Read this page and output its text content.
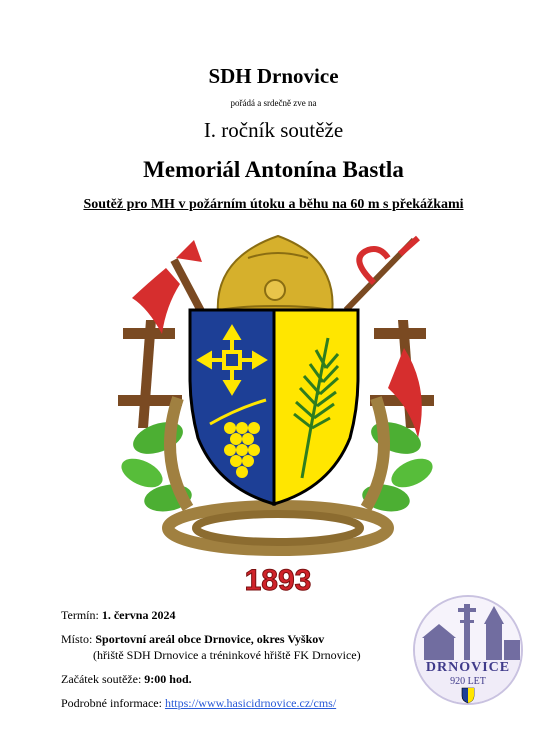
SDH Drnovice
pořádá a srdečně zve na
I. ročník soutěže
Memoriál Antonína Bastla
Soutěž pro MH v požárním útoku a běhu na 60 m s překážkami
1893
Termín: 1. června 2024
Místo: Sportovní areál obce Drnovice, okres Vyškov
(hřiště SDH Drnovice a tréninkové hřiště FK Drnovice)
Začátek soutěže: 9:00 hod.
Podrobné informace: https://www.hasicidrnovice.cz/cms/
DRNOVICE
920 LET
